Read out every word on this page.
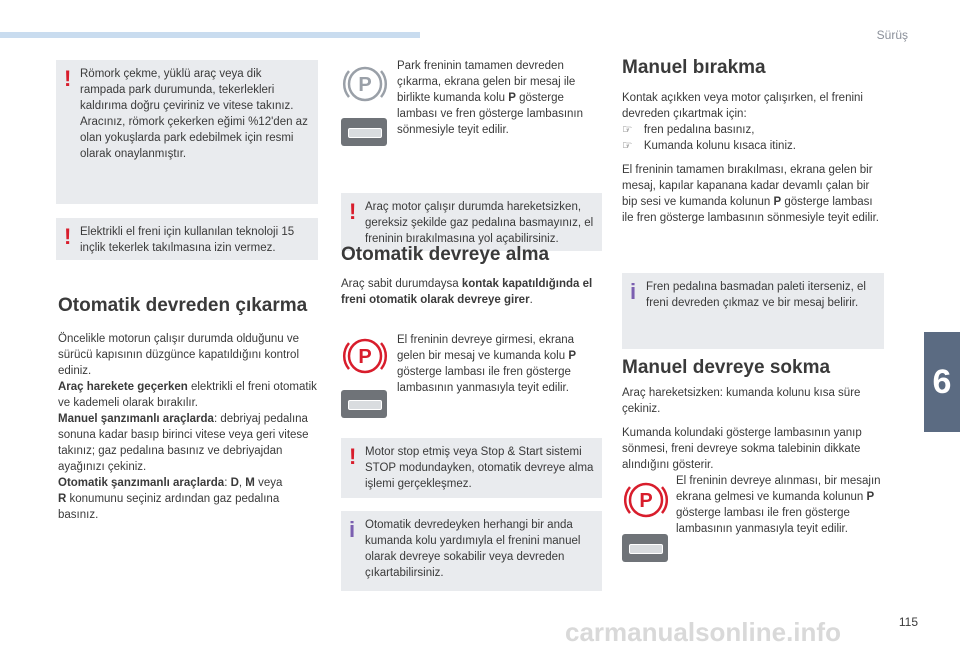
Sürüş
6
! Römork çekme, yüklü araç veya dik rampada park durumunda, tekerlekleri kaldırıma doğru çeviriniz ve vitese takınız. Aracınız, römork çekerken eğimi %12'den az olan yokuşlarda park edebilmek için resmi olarak onaylanmıştır.
! Elektrikli el freni için kullanılan teknoloji 15 inçlik tekerlek takılmasına izin vermez.
Otomatik devreden çıkarma

Öncelikle motorun çalışır durumda olduğunu ve sürücü kapısının düzgünce kapatıldığını kontrol ediniz.

Araç harekete geçerken elektrikli el freni otomatik ve kademeli olarak bırakılır.

Manuel şanzımanlı araçlarda: debriyaj pedalına sonuna kadar basıp birinci vitese veya geri vitese takınız; gaz pedalına basınız ve debriyajdan ayağınızı çekiniz.

Otomatik şanzımanlı araçlarda: D, M veya
R konumunu seçiniz ardından gaz pedalına basınız.

P

Park freninin tamamen devreden çıkarma, ekrana gelen bir mesaj ile birlikte kumanda kolu P gösterge lambası ve fren gösterge lambasının sönmesiyle teyit edilir.

! Araç motor çalışır durumda hareketsizken, gereksiz şekilde gaz pedalına basmayınız, el freninin bırakılmasına yol açabilirsiniz.
Otomatik devreye alma

Araç sabit durumdaysa kontak kapatıldığında el freni otomatik olarak devreye girer.

P

El freninin devreye girmesi, ekrana gelen bir mesaj ve kumanda kolu P gösterge lambası ile fren gösterge lambasının yanmasıyla teyit edilir.

! Motor stop etmiş veya Stop & Start sistemi STOP modundayken, otomatik devreye alma işlemi gerçekleşmez.
i Otomatik devredeyken herhangi bir anda kumanda kolu yardımıyla el frenini manuel olarak devreye sokabilir veya devreden çıkartabilirsiniz.
Manuel bırakma

Kontak açıkken veya motor çalışırken, el frenini devreden çıkartmak için:

☞ fren pedalına basınız,

☞ Kumanda kolunu kısaca itiniz.

El freninin tamamen bırakılması, ekrana gelen bir mesaj, kapılar kapanana kadar devamlı çalan bir bip sesi ve kumanda kolunun P gösterge lambası ile fren gösterge lambasının sönmesiyle teyit edilir.

i Fren pedalına basmadan paleti iterseniz, el freni devreden çıkmaz ve bir mesaj belirir.
Manuel devreye sokma

Araç hareketsizken: kumanda kolunu kısa süre çekiniz.

Kumanda kolundaki gösterge lambasının yanıp sönmesi, freni devreye sokma talebinin dikkate alındığını gösterir.

P

El freninin devreye alınması, bir mesajın ekrana gelmesi ve kumanda kolunun P gösterge lambası ile fren gösterge lambasının yanmasıyla teyit edilir.

115
carmanualsonline.info
